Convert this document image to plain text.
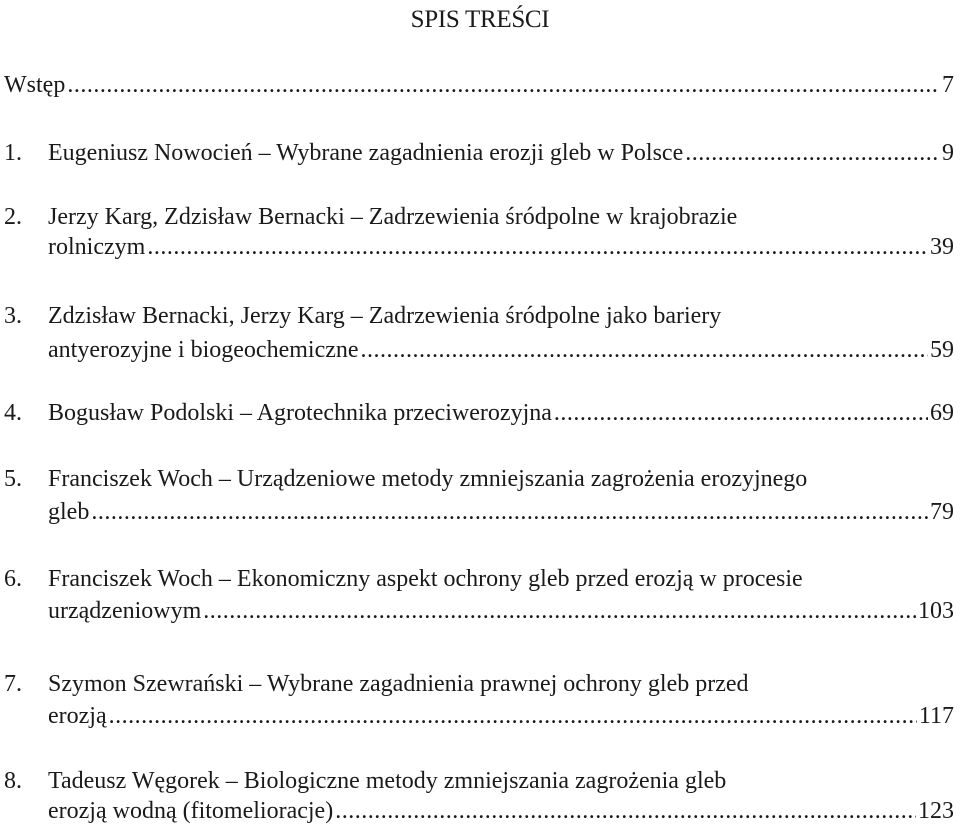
SPIS TREŚCI
Wstęp .....	7
1. Eugeniusz Nowocień – Wybrane zagadnienia erozji gleb w Polsce .....	9
2. Jerzy Karg, Zdzisław Bernacki – Zadrzewienia śródpolne w krajobrazie
rolniczym .....	39
3. Zdzisław Bernacki, Jerzy Karg – Zadrzewienia śródpolne jako bariery
antyerozyjne i biogeochemiczne .....	59
4. Bogusław Podolski – Agrotechnika przeciwerozyjna .....	69
5. Franciszek Woch – Urządzeniowe metody zmniejszania zagrożenia erozyjnego
gleb .....	79
6. Franciszek Woch – Ekonomiczny aspekt ochrony gleb przed erozją w procesie
urządzeniowym .....	103
7. Szymon Szewrański – Wybrane zagadnienia prawnej ochrony gleb przed
erozją .....	117
8. Tadeusz Węgorek – Biologiczne metody zmniejszania zagrożenia gleb
erozją wodną (fitomelioracje) .....	123
